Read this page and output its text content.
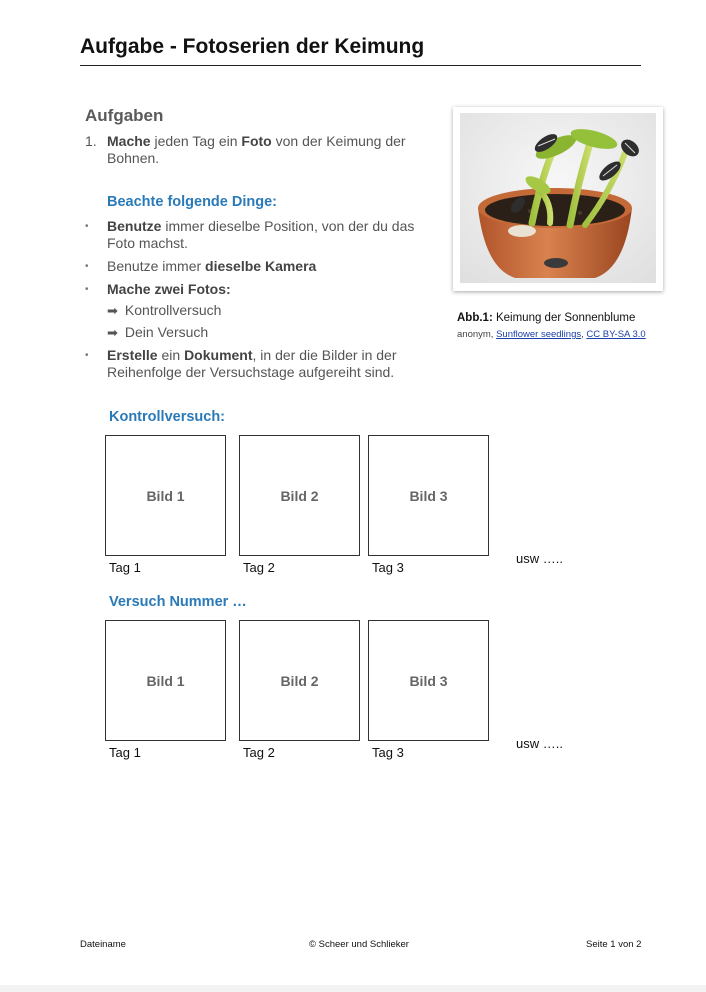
Aufgabe - Fotoserien der Keimung
Aufgaben
1. Mache jeden Tag ein Foto von der Keimung der Bohnen.
Beachte folgende Dinge:
• Benutze immer dieselbe Position, von der du das Foto machst.
• Benutze immer dieselbe Kamera
• Mache zwei Fotos:
➡ Kontrollversuch
➡ Dein Versuch
• Erstelle ein Dokument, in der die Bilder in der Reihenfolge der Versuchstage aufgereiht sind.
Abb.1: Keimung der Sonnenblume
anonym, Sunflower seedlings, CC BY-SA 3.0
Kontrollversuch:
Bild 1	Bild 2	Bild 3
Tag 1	Tag 2	Tag 3
usw …..
Versuch Nummer …
Bild 1	Bild 2	Bild 3
Tag 1	Tag 2	Tag 3
usw …..
Dateiname	© Scheer und Schlieker	Seite 1 von 2
